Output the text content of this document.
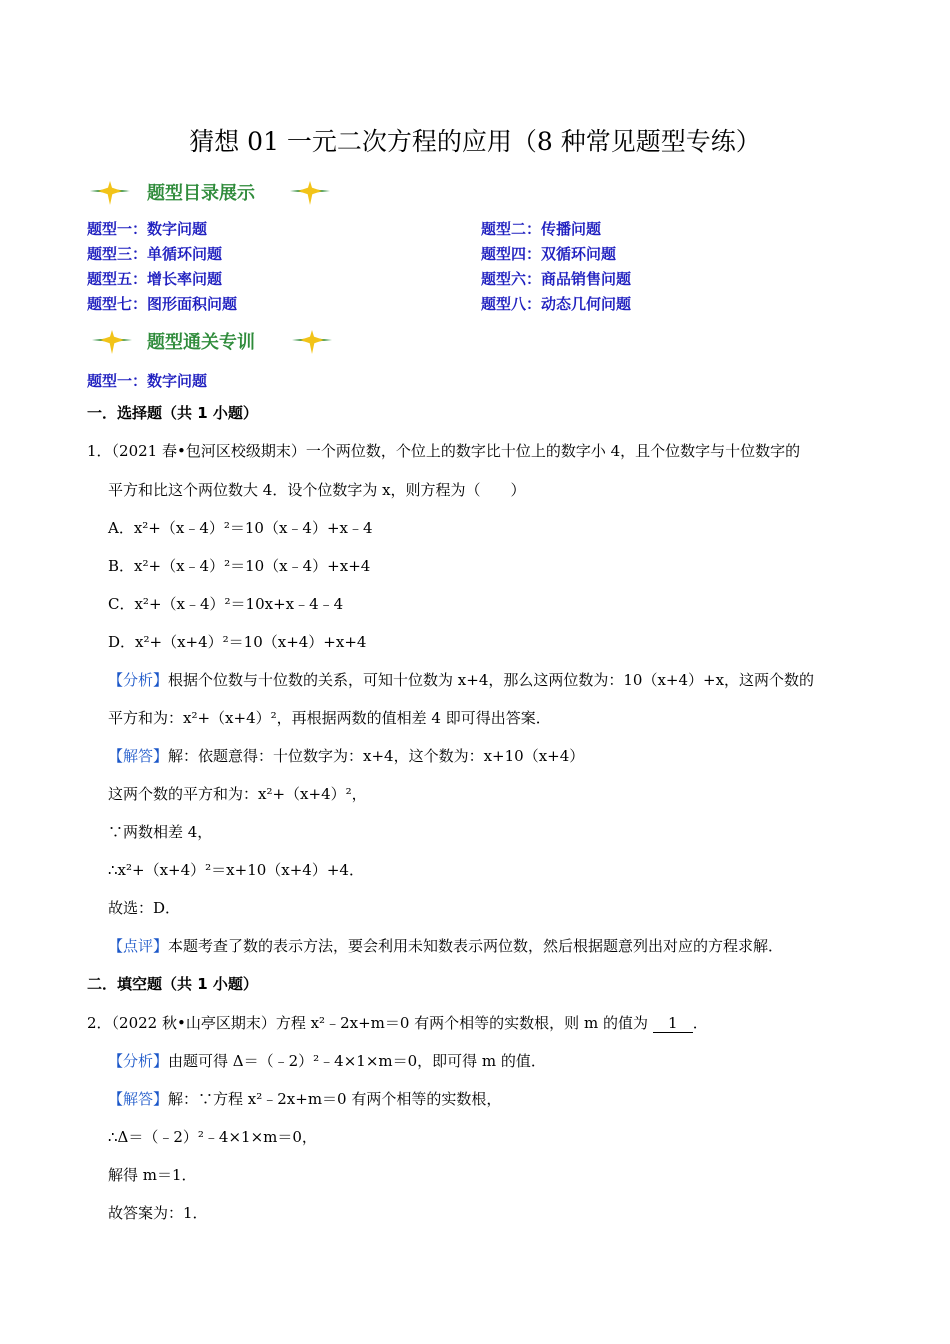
猜想 01 一元二次方程的应用（8 种常见题型专练）
题型目录展示
题型一：数字问题	题型二：传播问题
题型三：单循环问题	题型四：双循环问题
题型五：增长率问题	题型六：商品销售问题
题型七：图形面积问题	题型八：动态几何问题
题型通关专训
题型一：数字问题
一．选择题（共 1 小题）
1．（2021 春•包河区校级期末）一个两位数，个位上的数字比十位上的数字小 4，且个位数字与十位数字的
平方和比这个两位数大 4．设个位数字为 x，则方程为（　　）
A．x²+（x﹣4）²＝10（x﹣4）+x﹣4
B．x²+（x﹣4）²＝10（x﹣4）+x+4
C．x²+（x﹣4）²＝10x+x﹣4﹣4
D．x²+（x+4）²＝10（x+4）+x+4
【分析】根据个位数与十位数的关系，可知十位数为 x+4，那么这两位数为：10（x+4）+x，这两个数的
平方和为：x²+（x+4）²，再根据两数的值相差 4 即可得出答案．
【解答】解：依题意得：十位数字为：x+4，这个数为：x+10（x+4）
这两个数的平方和为：x²+（x+4）²，
∵两数相差 4，
∴x²+（x+4）²＝x+10（x+4）+4．
故选：D．
【点评】本题考查了数的表示方法，要会利用未知数表示两位数，然后根据题意列出对应的方程求解．
二．填空题（共 1 小题）
2．（2022 秋•山亭区期末）方程 x²﹣2x+m＝0 有两个相等的实数根，则 m 的值为 1 ．
【分析】由题可得 Δ＝（﹣2）²﹣4×1×m＝0，即可得 m 的值．
【解答】解：∵方程 x²﹣2x+m＝0 有两个相等的实数根，
∴Δ＝（﹣2）²﹣4×1×m＝0，
解得 m＝1．
故答案为：1．
